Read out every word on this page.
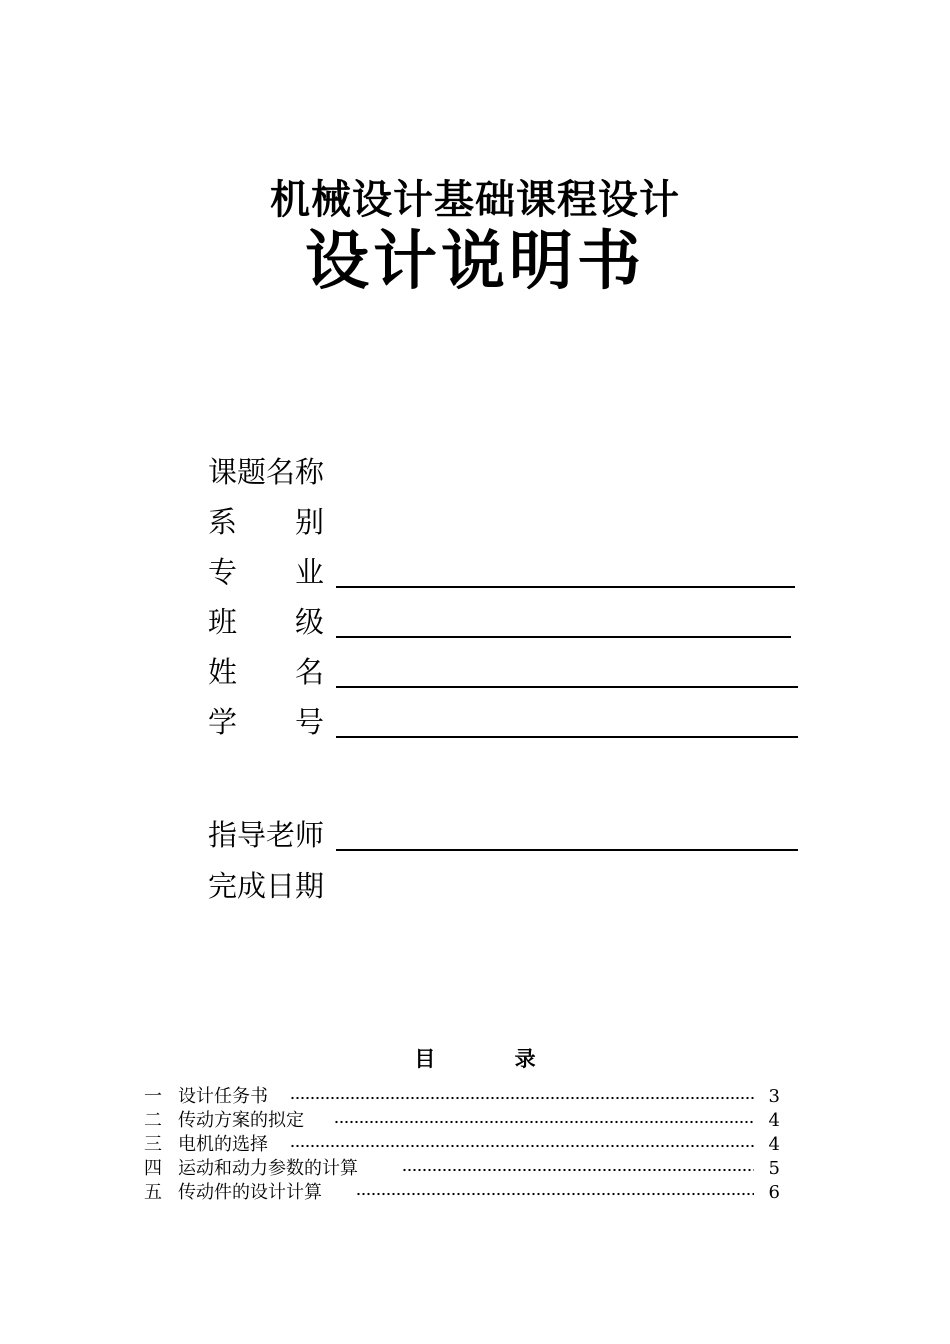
机械设计基础课程设计
设计说明书
课题名称
系　　别
专　　业
班　　级
姓　　名
学　　号
指导老师
完成日期
目	录
一 设计任务书	3
二 传动方案的拟定	4
三 电机的选择	4
四 运动和动力参数的计算	5
五 传动件的设计计算	6
